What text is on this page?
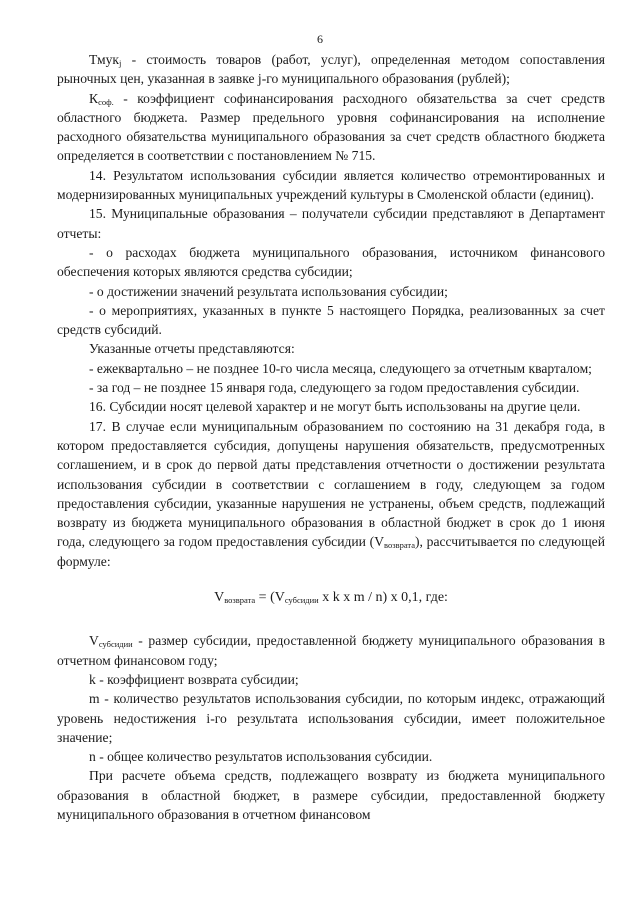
6

Тмук$_j$ - стоимость товаров (работ, услуг), определенная методом сопоставления рыночных цен, указанная в заявке j-го муниципального образования (рублей);

$К_{соф.}$ - коэффициент софинансирования расходного обязательства за счет средств областного бюджета. Размер предельного уровня софинансирования на исполнение расходного обязательства муниципального образования за счет средств областного бюджета определяется в соответствии с постановлением № 715.

14. Результатом использования субсидии является количество отремонтированных и модернизированных муниципальных учреждений культуры в Смоленской области (единиц).

15. Муниципальные образования – получатели субсидии представляют в Департамент отчеты:

- о расходах бюджета муниципального образования, источником финансового обеспечения которых являются средства субсидии;

- о достижении значений результата использования субсидии;

- о мероприятиях, указанных в пункте 5 настоящего Порядка, реализованных за счет средств субсидий.

Указанные отчеты представляются:

- ежеквартально – не позднее 10-го числа месяца, следующего за отчетным кварталом;

- за год – не позднее 15 января года, следующего за годом предоставления субсидии.

16. Субсидии носят целевой характер и не могут быть использованы на другие цели.

17. В случае если муниципальным образованием по состоянию на 31 декабря года, в котором предоставляется субсидия, допущены нарушения обязательств, предусмотренных соглашением, и в срок до первой даты представления отчетности о достижении результата использования субсидии в соответствии с соглашением в году, следующем за годом предоставления субсидии, указанные нарушения не устранены, объем средств, подлежащий возврату из бюджета муниципального образования в областной бюджет в срок до 1 июня года, следующего за годом предоставления субсидии $(V_{возврата})$, рассчитывается по следующей формуле:

$V_{возврата} = (V_{субсидии}$ x k x m / n) x 0,1, где:

$V_{субсидии}$ - размер субсидии, предоставленной бюджету муниципального образования в отчетном финансовом году;

k - коэффициент возврата субсидии;

m - количество результатов использования субсидии, по которым индекс, отражающий уровень недостижения i-го результата использования субсидии, имеет положительное значение;

n - общее количество результатов использования субсидии.

При расчете объема средств, подлежащего возврату из бюджета муниципального образования в областной бюджет, в размере субсидии, предоставленной бюджету муниципального образования в отчетном финансовом
